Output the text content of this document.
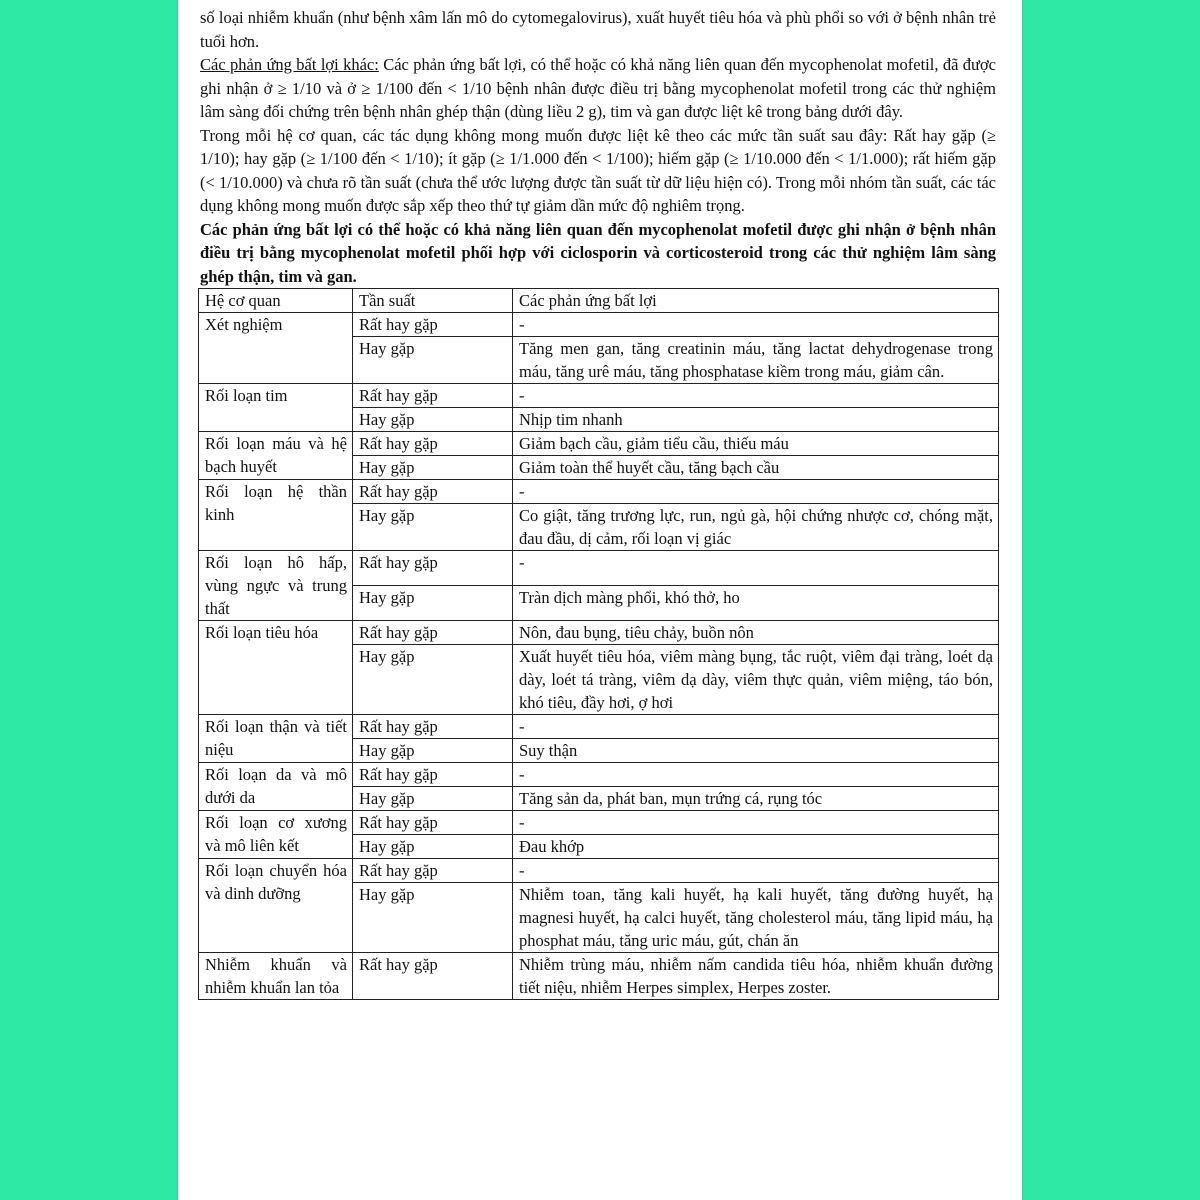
số loại nhiễm khuẩn (như bệnh xâm lấn mô do cytomegalovirus), xuất huyết tiêu hóa và phù phổi so với ở bệnh nhân trẻ tuổi hơn.

Các phản ứng bất lợi khác: Các phản ứng bất lợi, có thể hoặc có khả năng liên quan đến mycophenolat mofetil, đã được ghi nhận ở ≥ 1/10 và ở ≥ 1/100 đến < 1/10 bệnh nhân được điều trị bằng mycophenolat mofetil trong các thử nghiệm lâm sàng đối chứng trên bệnh nhân ghép thận (dùng liều 2 g), tim và gan được liệt kê trong bảng dưới đây.

Trong mỗi hệ cơ quan, các tác dụng không mong muốn được liệt kê theo các mức tần suất sau đây: Rất hay gặp (≥ 1/10); hay gặp (≥ 1/100 đến < 1/10); ít gặp (≥ 1/1.000 đến < 1/100); hiếm gặp (≥ 1/10.000 đến < 1/1.000); rất hiếm gặp (< 1/10.000) và chưa rõ tần suất (chưa thể ước lượng được tần suất từ dữ liệu hiện có). Trong mỗi nhóm tần suất, các tác dụng không mong muốn được sắp xếp theo thứ tự giảm dần mức độ nghiêm trọng.

Các phản ứng bất lợi có thể hoặc có khả năng liên quan đến mycophenolat mofetil được ghi nhận ở bệnh nhân điều trị bằng mycophenolat mofetil phối hợp với ciclosporin và corticosteroid trong các thử nghiệm lâm sàng ghép thận, tim và gan.

Hệ cơ quan	Tần suất	Các phản ứng bất lợi
Xét nghiệm	Rất hay gặp	-
	Hay gặp	Tăng men gan, tăng creatinin máu, tăng lactat dehydrogenase trong máu, tăng urê máu, tăng phosphatase kiềm trong máu, giảm cân.
Rối loạn tim	Rất hay gặp	-
	Hay gặp	Nhịp tim nhanh
Rối loạn máu và hệ bạch huyết	Rất hay gặp	Giảm bạch cầu, giảm tiểu cầu, thiếu máu
	Hay gặp	Giảm toàn thể huyết cầu, tăng bạch cầu
Rối loạn hệ thần kinh	Rất hay gặp	-
	Hay gặp	Co giật, tăng trương lực, run, ngủ gà, hội chứng nhược cơ, chóng mặt, đau đầu, dị cảm, rối loạn vị giác
Rối loạn hô hấp, vùng ngực và trung thất	Rất hay gặp	-
	Hay gặp	Tràn dịch màng phổi, khó thở, ho
Rối loạn tiêu hóa	Rất hay gặp	Nôn, đau bụng, tiêu chảy, buồn nôn
	Hay gặp	Xuất huyết tiêu hóa, viêm màng bụng, tắc ruột, viêm đại tràng, loét dạ dày, loét tá tràng, viêm dạ dày, viêm thực quản, viêm miệng, táo bón, khó tiêu, đầy hơi, ợ hơi
Rối loạn thận và tiết niệu	Rất hay gặp	-
	Hay gặp	Suy thận
Rối loạn da và mô dưới da	Rất hay gặp	-
	Hay gặp	Tăng sản da, phát ban, mụn trứng cá, rụng tóc
Rối loạn cơ xương và mô liên kết	Rất hay gặp	-
	Hay gặp	Đau khớp
Rối loạn chuyển hóa và dinh dưỡng	Rất hay gặp	-
	Hay gặp	Nhiễm toan, tăng kali huyết, hạ kali huyết, tăng đường huyết, hạ magnesi huyết, hạ calci huyết, tăng cholesterol máu, tăng lipid máu, hạ phosphat máu, tăng uric máu, gút, chán ăn
Nhiễm khuẩn và nhiễm khuẩn lan tỏa	Rất hay gặp	Nhiễm trùng máu, nhiễm nấm candida tiêu hóa, nhiễm khuẩn đường tiết niệu, nhiễm Herpes simplex, Herpes zoster.
